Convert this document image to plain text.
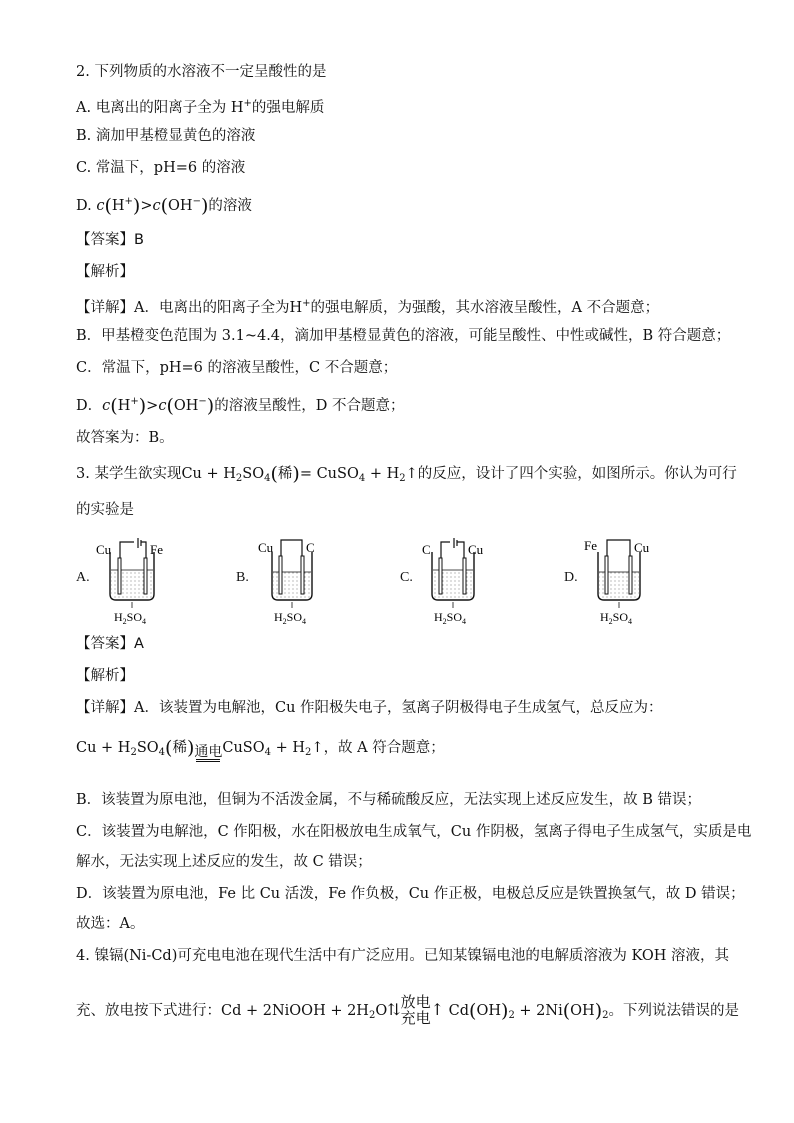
2. 下列物质的水溶液不一定呈酸性的是
A. 电离出的阳离子全为 H+的强电解质
B. 滴加甲基橙显黄色的溶液
C. 常温下，pH=6 的溶液
D. c(H+)>c(OH−)的溶液
【答案】B
【解析】
【详解】A．电离出的阳离子全为H+的强电解质，为强酸，其水溶液呈酸性，A 不合题意；
B．甲基橙变色范围为 3.1~4.4，滴加甲基橙显黄色的溶液，可能呈酸性、中性或碱性，B 符合题意；
C．常温下，pH=6 的溶液呈酸性，C 不合题意；
D．c(H+)>c(OH−)的溶液呈酸性，D 不合题意；
故答案为：B。
3. 某学生欲实现$Cu + H_2SO_4$(稀)= CuSO$_4$ + $H_2↑$的反应，设计了四个实验，如图所示。你认为可行
的实验是
A.
Cu	Fe
$H_2SO_4$
B.
Cu	C
$H_2SO_4$
C.
C	Cu
$H_2SO_4$
D.
Fe	Cu
$H_2SO_4$
【答案】A
【解析】
【详解】A．该装置为电解池，Cu 作阳极失电子，氢离子阴极得电子生成氢气，总反应为：
$Cu + H_2SO_4$(稀) 通电 CuSO$_4$ + $H_2↑$，故 A 符合题意；
B．该装置为原电池，但铜为不活泼金属，不与稀硫酸反应，无法实现上述反应发生，故 B 错误；
C．该装置为电解池，C 作阳极，水在阳极放电生成氧气，Cu 作阴极，氢离子得电子生成氢气，实质是电
解水，无法实现上述反应的发生，故 C 错误；
D．该装置为原电池，Fe 比 Cu 活泼，Fe 作负极，Cu 作正极，电极总反应是铁置换氢气，故 D 错误；
故选：A。
4. 镍镉(Ni-Cd)可充电电池在现代生活中有广泛应用。已知某镍镉电池的电解质溶液为 KOH 溶液，其
充、放电按下式进行：Cd + 2NiOOH + $2H_2O⇅$ 放电
充电 ↑ $Cd(OH)_2 + 2Ni(OH)_2$。下列说法错误的是
